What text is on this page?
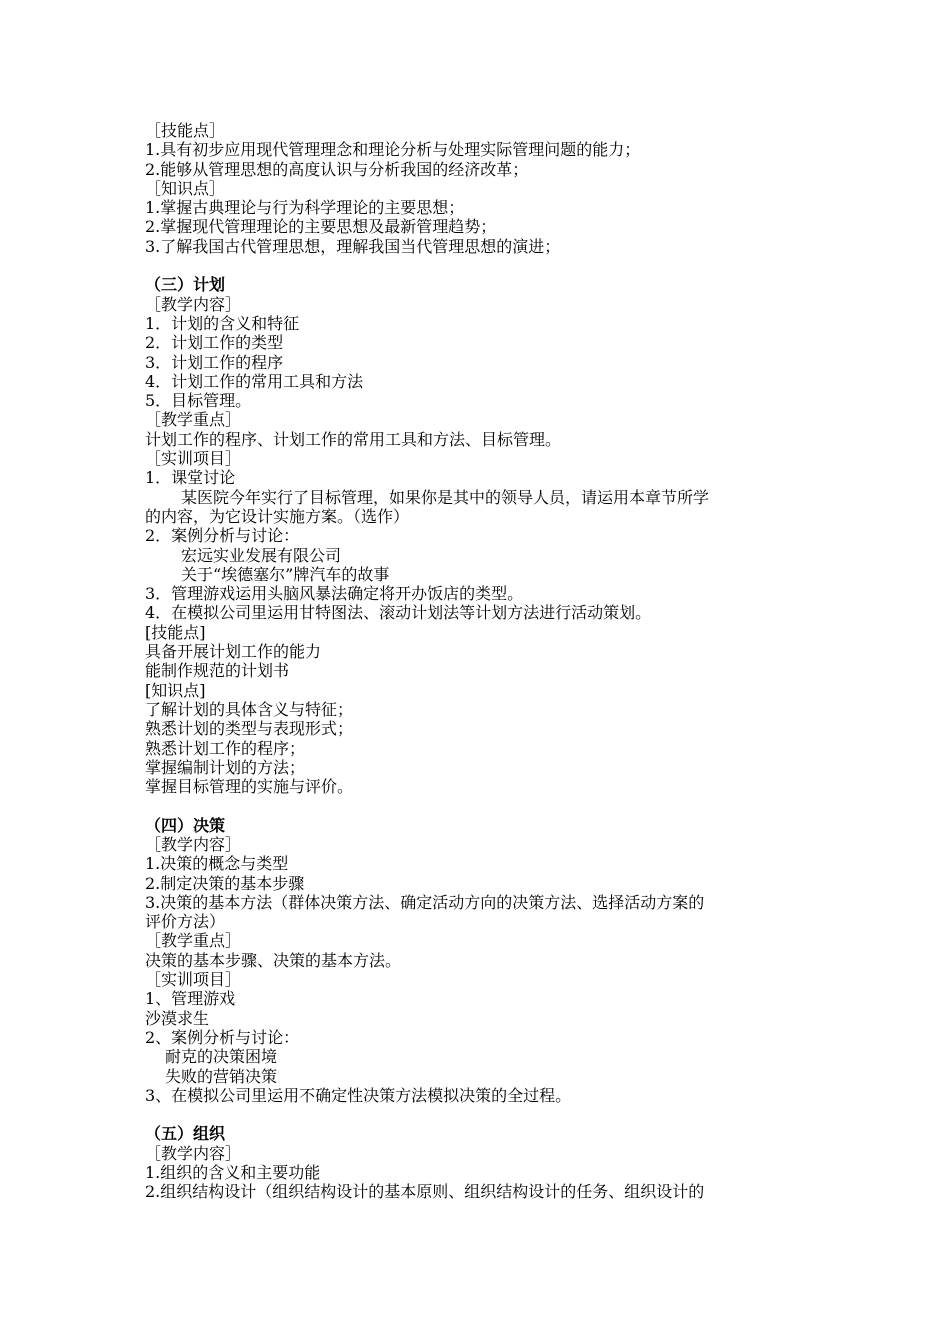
［技能点］
1.具有初步应用现代管理理念和理论分析与处理实际管理问题的能力；
2.能够从管理思想的高度认识与分析我国的经济改革；
［知识点］
1.掌握古典理论与行为科学理论的主要思想；
2.掌握现代管理理论的主要思想及最新管理趋势；
3.了解我国古代管理思想，理解我国当代管理思想的演进；
（三）计划
［教学内容］
1．计划的含义和特征
2．计划工作的类型
3．计划工作的程序
4．计划工作的常用工具和方法
5．目标管理。
［教学重点］
计划工作的程序、计划工作的常用工具和方法、目标管理。
［实训项目］
1．课堂讨论
某医院今年实行了目标管理，如果你是其中的领导人员，请运用本章节所学
的内容，为它设计实施方案。（选作）
2．案例分析与讨论：
宏远实业发展有限公司
关于“埃德塞尔”牌汽车的故事
3．管理游戏运用头脑风暴法确定将开办饭店的类型。
4．在模拟公司里运用甘特图法、滚动计划法等计划方法进行活动策划。
[技能点]
具备开展计划工作的能力
能制作规范的计划书
[知识点]
了解计划的具体含义与特征；
熟悉计划的类型与表现形式；
熟悉计划工作的程序；
掌握编制计划的方法；
掌握目标管理的实施与评价。
（四）决策
［教学内容］
1.决策的概念与类型
2.制定决策的基本步骤
3.决策的基本方法（群体决策方法、确定活动方向的决策方法、选择活动方案的
评价方法）
［教学重点］
决策的基本步骤、决策的基本方法。
［实训项目］
1、管理游戏
沙漠求生
2、案例分析与讨论：
耐克的决策困境
失败的营销决策
3、在模拟公司里运用不确定性决策方法模拟决策的全过程。
（五）组织
［教学内容］
1.组织的含义和主要功能
2.组织结构设计（组织结构设计的基本原则、组织结构设计的任务、组织设计的
